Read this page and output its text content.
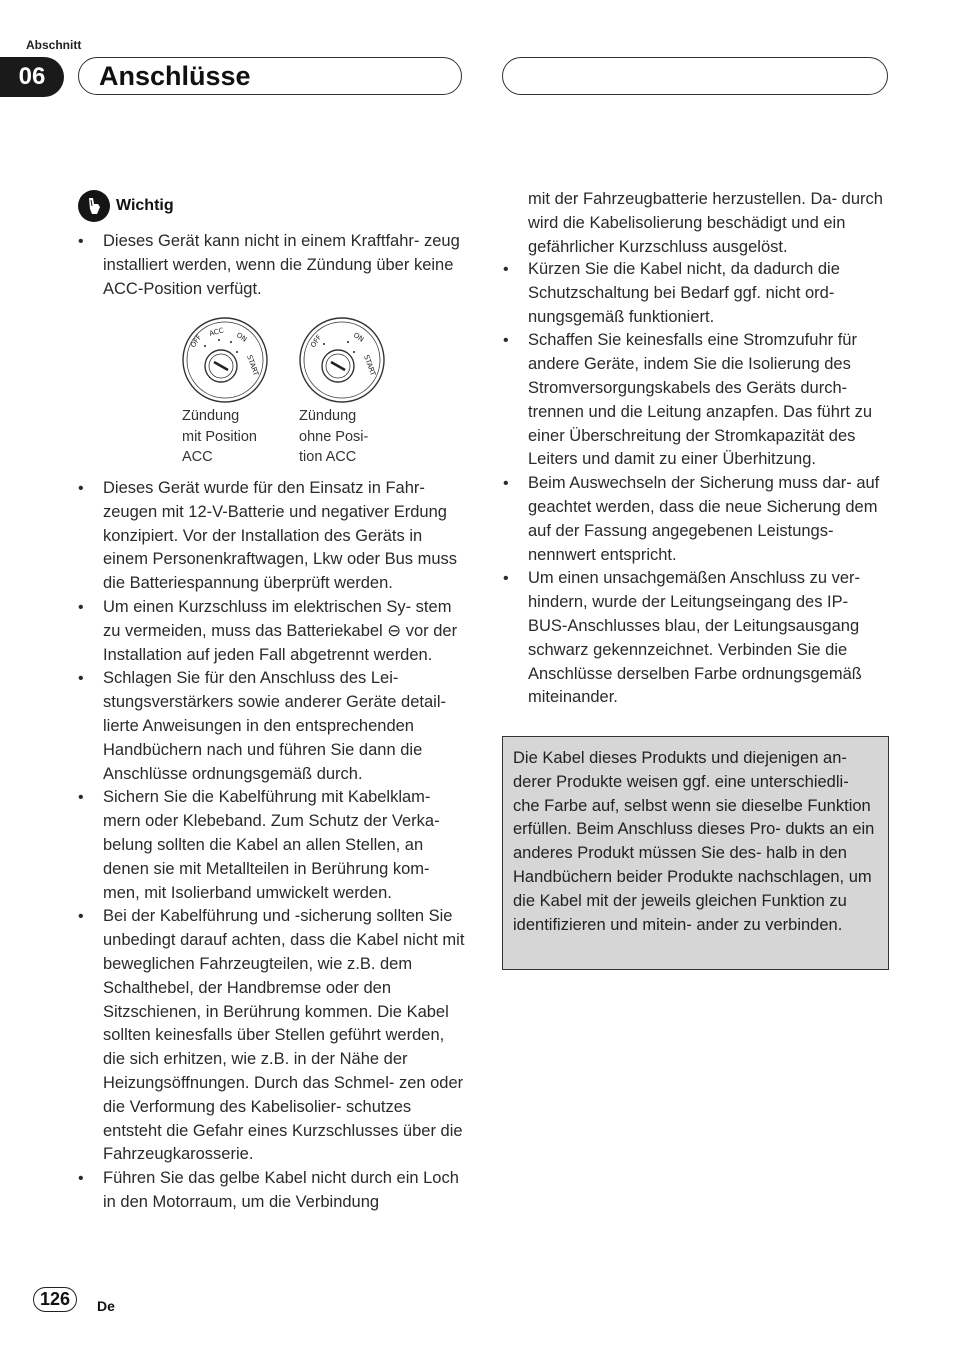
Abschnitt
06	Anschlüsse
Wichtig
• Dieses Gerät kann nicht in einem Kraftfahr- zeug installiert werden, wenn die Zündung über keine ACC-Position verfügt.
OFF
ACC ON
START
Zündung
mit Position
ACC
OFF	ON
START
Zündung
ohne Posi-
tion ACC
• Dieses Gerät wurde für den Einsatz in Fahr- zeugen mit 12-V-Batterie und negativer Erdung konzipiert. Vor der Installation des Geräts in einem Personenkraftwagen, Lkw oder Bus muss die Batteriespannung überprüft werden.
• Um einen Kurzschluss im elektrischen Sy- stem zu vermeiden, muss das Batteriekabel ⊖ vor der Installation auf jeden Fall abgetrennt werden.
• Schlagen Sie für den Anschluss des Lei- stungsverstärkers sowie anderer Geräte detail- lierte Anweisungen in den entsprechenden Handbüchern nach und führen Sie dann die Anschlüsse ordnungsgemäß durch.
• Sichern Sie die Kabelführung mit Kabelklam- mern oder Klebeband. Zum Schutz der Verka- belung sollten die Kabel an allen Stellen, an denen sie mit Metallteilen in Berührung kom- men, mit Isolierband umwickelt werden.
• Bei der Kabelführung und -sicherung sollten Sie unbedingt darauf achten, dass die Kabel nicht mit beweglichen Fahrzeugteilen, wie z.B. dem Schalthebel, der Handbremse oder den Sitzschienen, in Berührung kommen. Die Kabel sollten keinesfalls über Stellen geführt werden, die sich erhitzen, wie z.B. in der Nähe der Heizungsöffnungen. Durch das Schmel- zen oder die Verformung des Kabelisolier- schutzes entsteht die Gefahr eines Kurzschlusses über die Fahrzeugkarosserie.
• Führen Sie das gelbe Kabel nicht durch ein Loch in den Motorraum, um die Verbindung
mit der Fahrzeugbatterie herzustellen. Da- durch wird die Kabelisolierung beschädigt und ein gefährlicher Kurzschluss ausgelöst.
• Kürzen Sie die Kabel nicht, da dadurch die Schutzschaltung bei Bedarf ggf. nicht ord- nungsgemäß funktioniert.
• Schaffen Sie keinesfalls eine Stromzufuhr für andere Geräte, indem Sie die Isolierung des Stromversorgungskabels des Geräts durch- trennen und die Leitung anzapfen. Das führt zu einer Überschreitung der Stromkapazität des Leiters und damit zu einer Überhitzung.
• Beim Auswechseln der Sicherung muss dar- auf geachtet werden, dass die neue Sicherung dem auf der Fassung angegebenen Leistungs- nennwert entspricht.
• Um einen unsachgemäßen Anschluss zu ver- hindern, wurde der Leitungseingang des IP- BUS-Anschlusses blau, der Leitungsausgang schwarz gekennzeichnet. Verbinden Sie die Anschlüsse derselben Farbe ordnungsgemäß miteinander.
Die Kabel dieses Produkts und diejenigen an- derer Produkte weisen ggf. eine unterschiedli- che Farbe auf, selbst wenn sie dieselbe Funktion erfüllen. Beim Anschluss dieses Pro- dukts an ein anderes Produkt müssen Sie des- halb in den Handbüchern beider Produkte nachschlagen, um die Kabel mit der jeweils gleichen Funktion zu identifizieren und mitein- ander zu verbinden.
126	De
